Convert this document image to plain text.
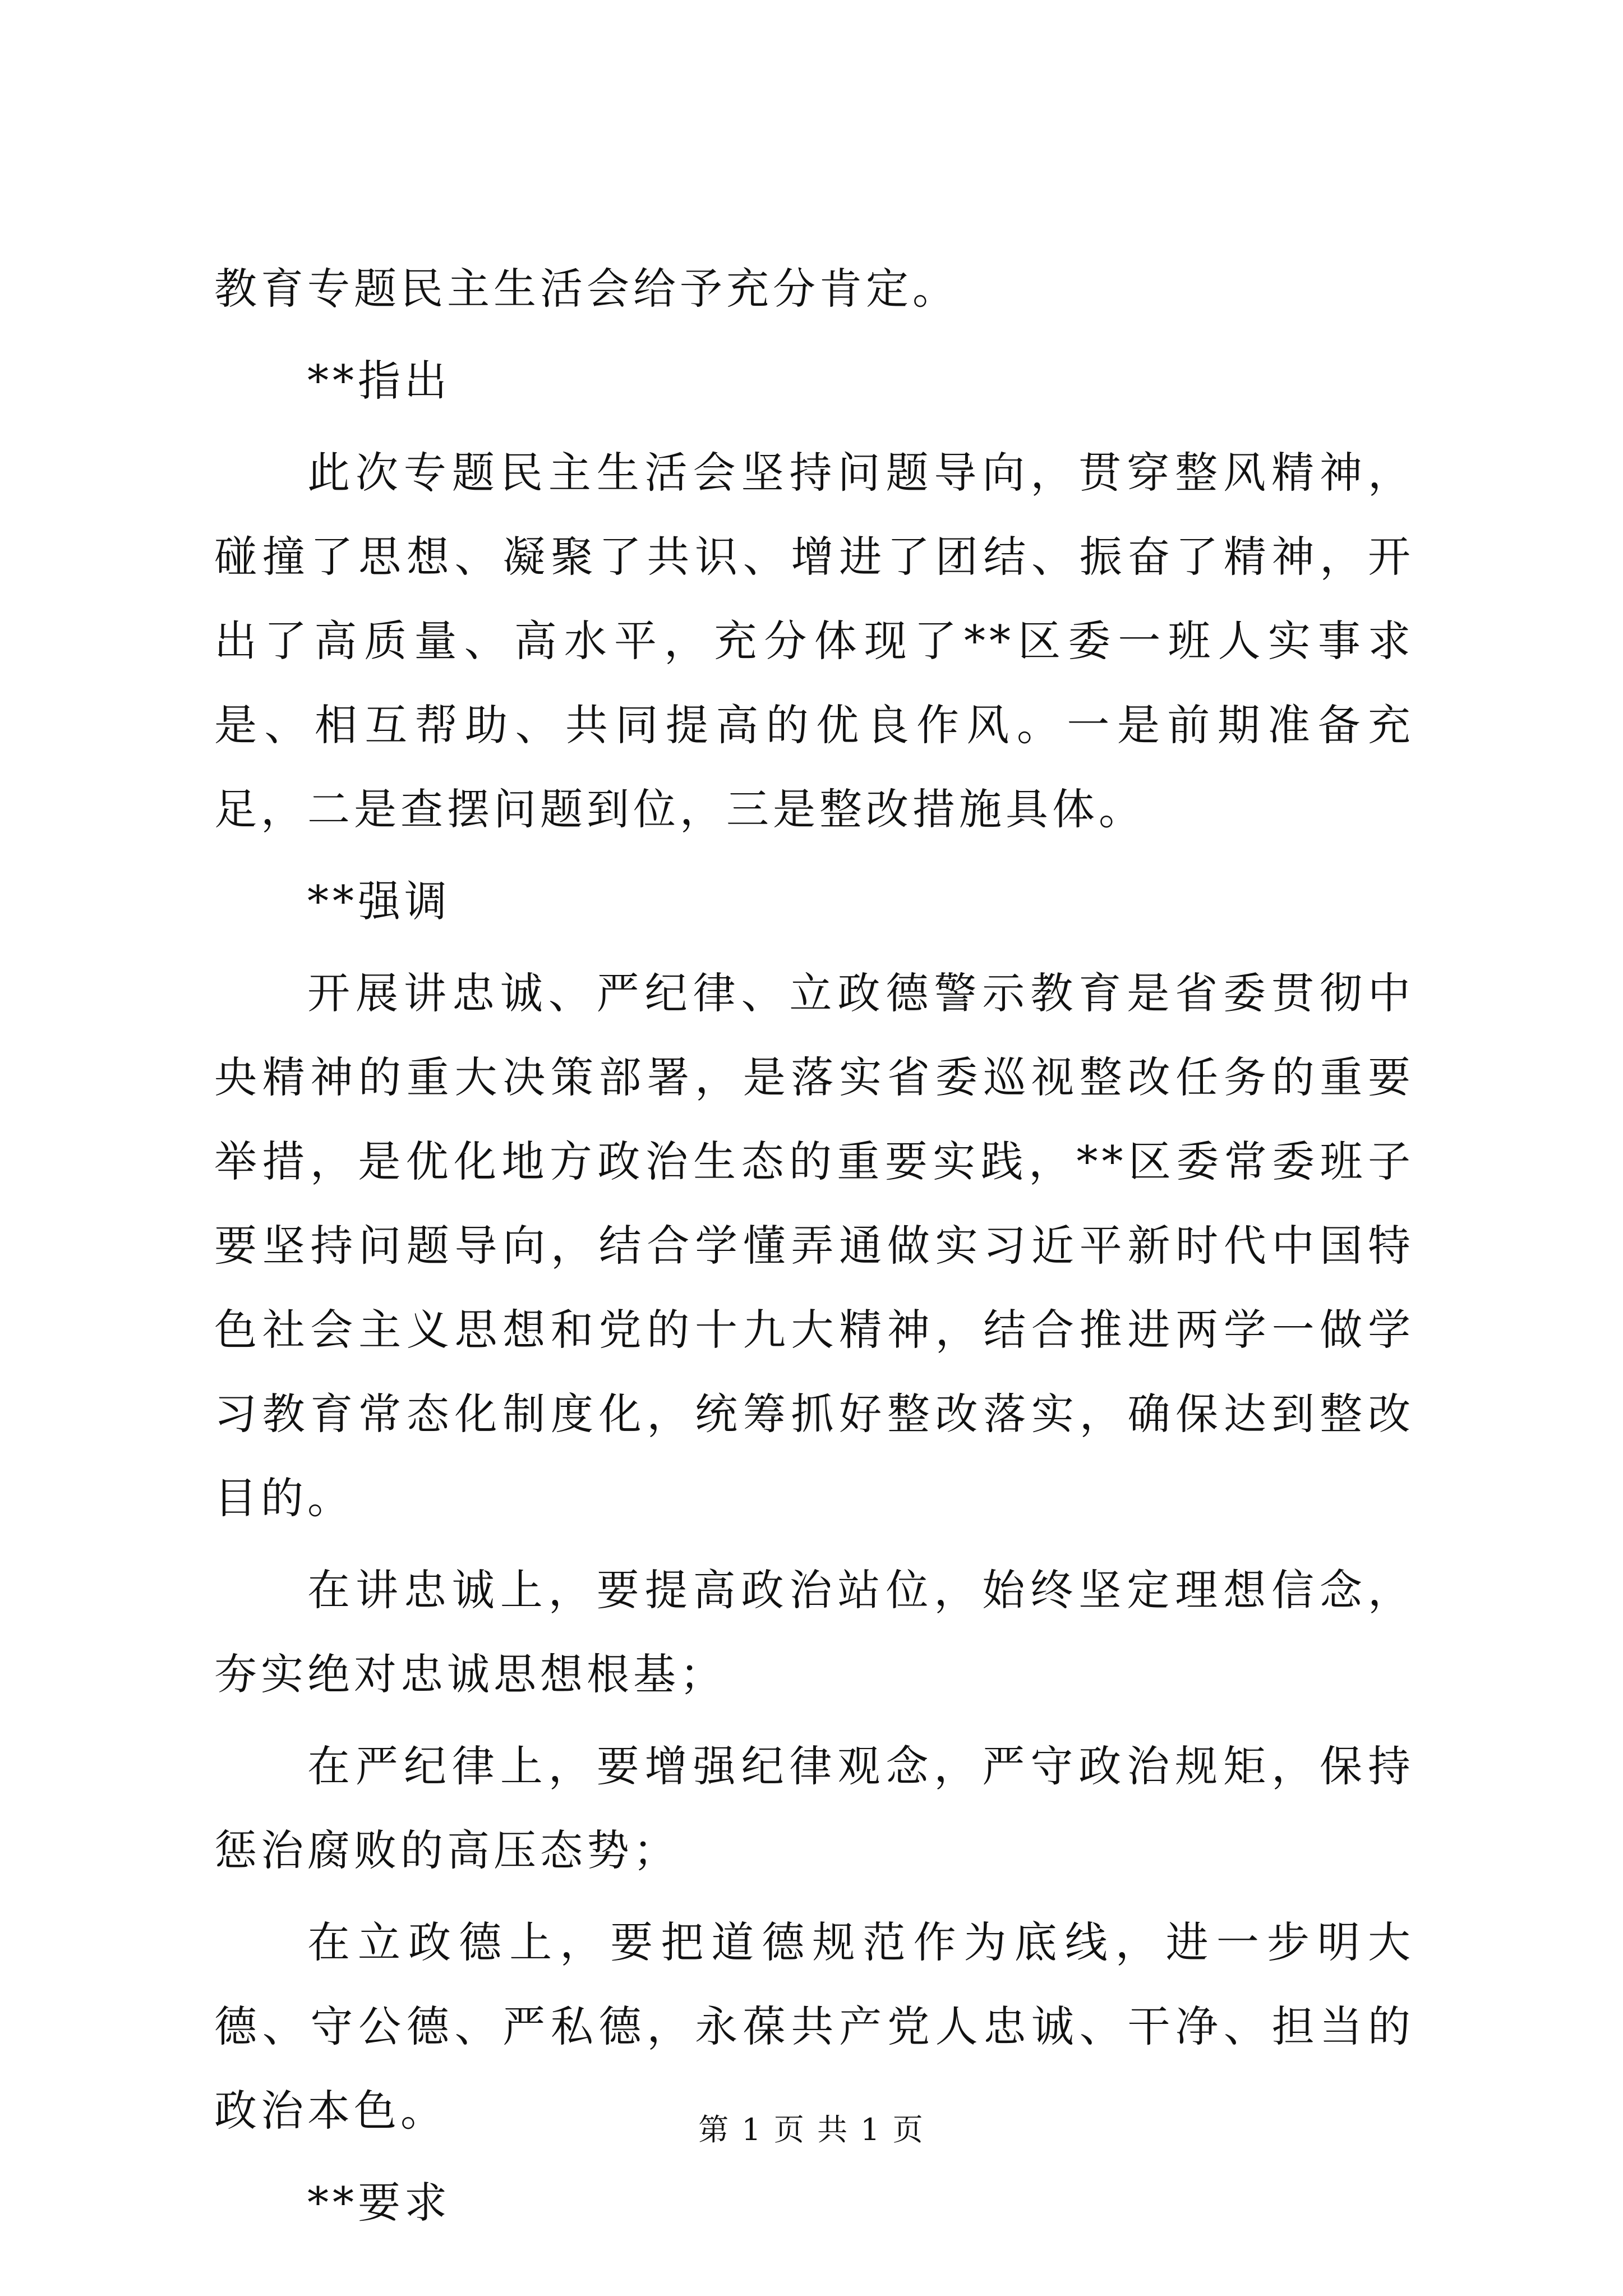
教育专题民主生活会给予充分肯定。

**指出

此次专题民主生活会坚持问题导向，贯穿整风精神，碰撞了思想、凝聚了共识、增进了团结、振奋了精神，开出了高质量、高水平，充分体现了**区委一班人实事求是、相互帮助、共同提高的优良作风。一是前期准备充足，二是查摆问题到位，三是整改措施具体。

**强调

开展讲忠诚、严纪律、立政德警示教育是省委贯彻中央精神的重大决策部署，是落实省委巡视整改任务的重要举措，是优化地方政治生态的重要实践，**区委常委班子要坚持问题导向，结合学懂弄通做实习近平新时代中国特色社会主义思想和党的十九大精神，结合推进两学一做学习教育常态化制度化，统筹抓好整改落实，确保达到整改目的。

在讲忠诚上，要提高政治站位，始终坚定理想信念，夯实绝对忠诚思想根基；

在严纪律上，要增强纪律观念，严守政治规矩，保持惩治腐败的高压态势；

在立政德上，要把道德规范作为底线，进一步明大德、守公德、严私德，永葆共产党人忠诚、干净、担当的政治本色。

**要求

第 1 页 共 1 页
